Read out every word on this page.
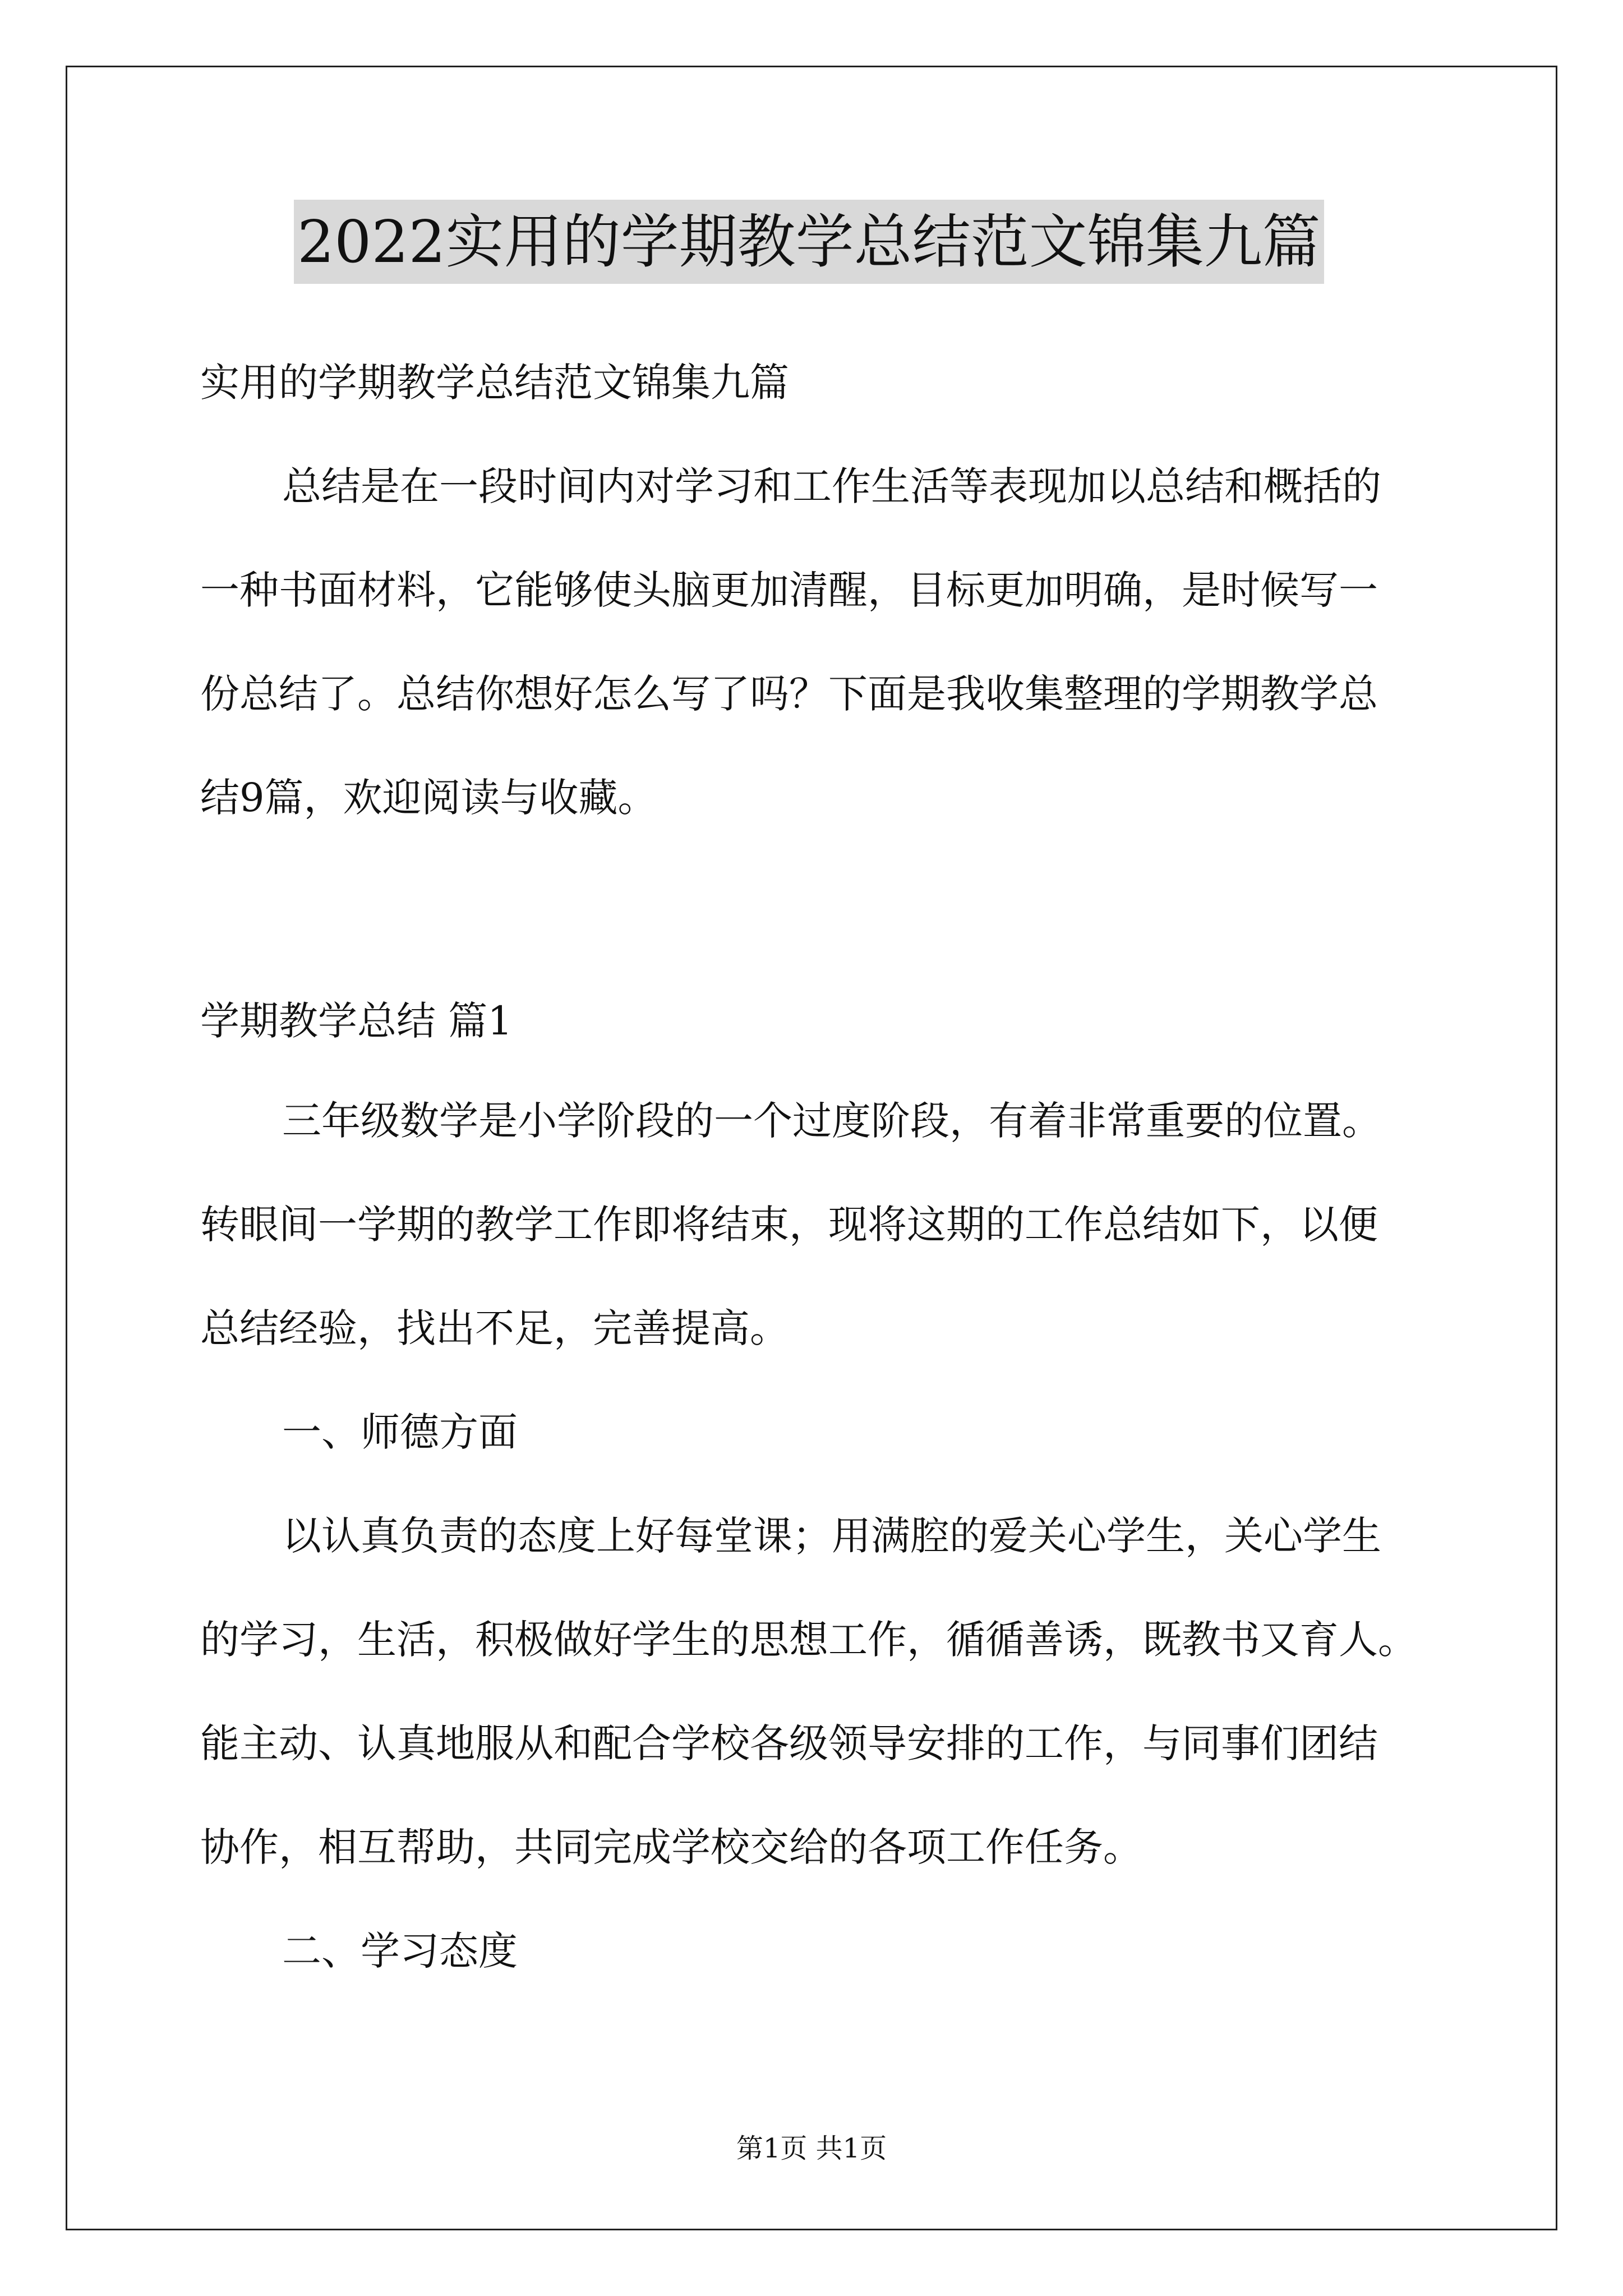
2022实用的学期教学总结范文锦集九篇
实用的学期教学总结范文锦集九篇
总结是在一段时间内对学习和工作生活等表现加以总结和概括的
一种书面材料，它能够使头脑更加清醒，目标更加明确，是时候写一
份总结了。总结你想好怎么写了吗？下面是我收集整理的学期教学总
结9篇，欢迎阅读与收藏。
学期教学总结 篇1
三年级数学是小学阶段的一个过度阶段，有着非常重要的位置。
转眼间一学期的教学工作即将结束，现将这期的工作总结如下，以便
总结经验，找出不足，完善提高。
一、师德方面
以认真负责的态度上好每堂课；用满腔的爱关心学生，关心学生
的学习，生活，积极做好学生的思想工作，循循善诱，既教书又育人。
能主动、认真地服从和配合学校各级领导安排的工作，与同事们团结
协作，相互帮助，共同完成学校交给的各项工作任务。
二、学习态度
第1页 共1页
